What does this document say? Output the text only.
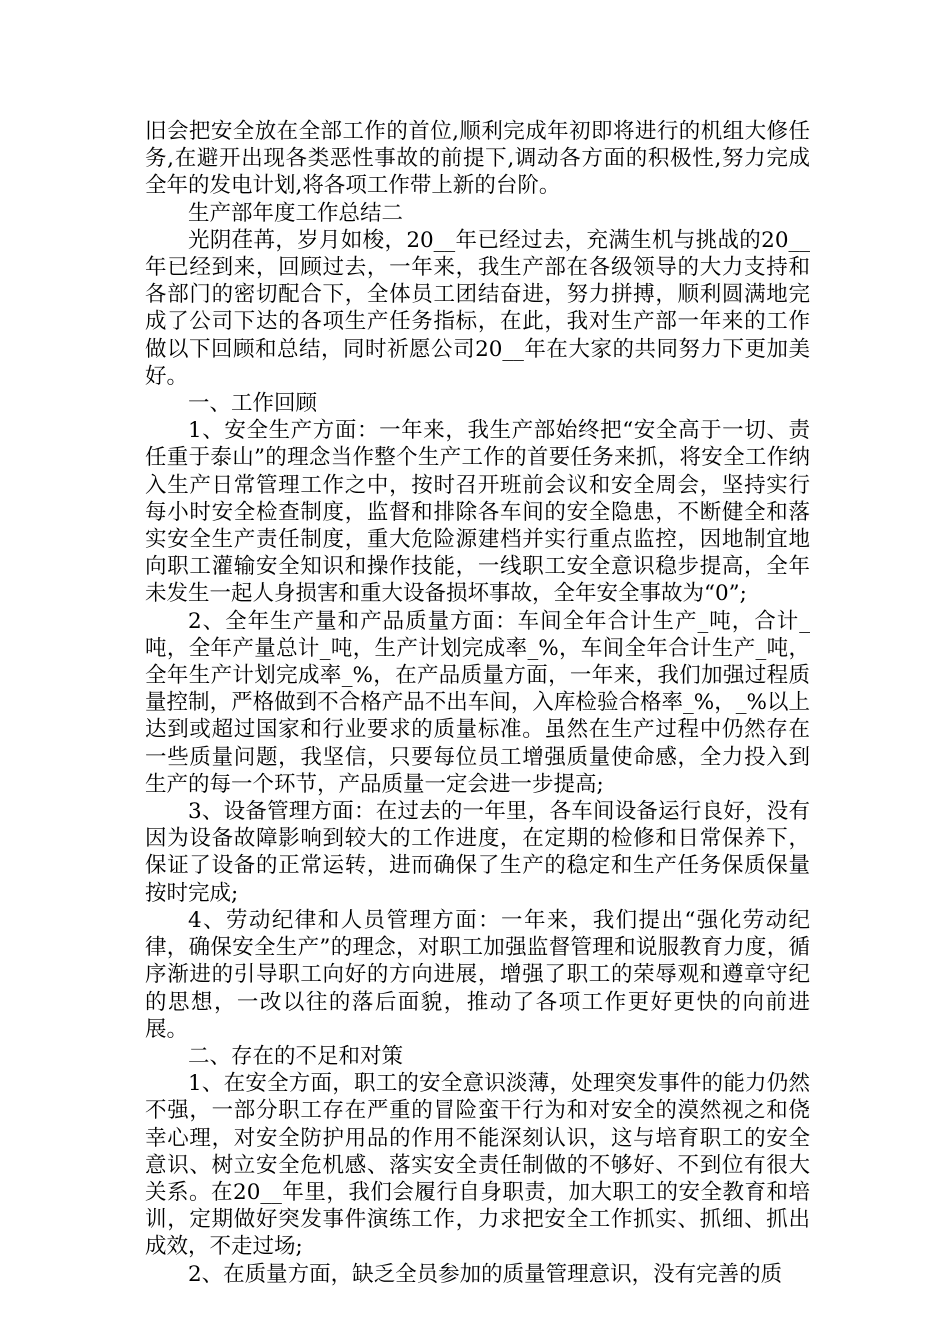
旧会把安全放在全部工作的首位,顺利完成年初即将进行的机组大修任务,在避开出现各类恶性事故的前提下,调动各方面的积极性,努力完成全年的发电计划,将各项工作带上新的台阶。

生产部年度工作总结二

光阴荏苒，岁月如梭，20__年已经过去，充满生机与挑战的20__年已经到来，回顾过去，一年来，我生产部在各级领导的大力支持和各部门的密切配合下，全体员工团结奋进，努力拼搏，顺利圆满地完成了公司下达的各项生产任务指标，在此，我对生产部一年来的工作做以下回顾和总结，同时祈愿公司20__年在大家的共同努力下更加美好。

一、工作回顾

1、安全生产方面：一年来，我生产部始终把“安全高于一切、责任重于泰山”的理念当作整个生产工作的首要任务来抓，将安全工作纳入生产日常管理工作之中，按时召开班前会议和安全周会，坚持实行每小时安全检查制度，监督和排除各车间的安全隐患，不断健全和落实安全生产责任制度，重大危险源建档并实行重点监控，因地制宜地向职工灌输安全知识和操作技能，一线职工安全意识稳步提高，全年未发生一起人身损害和重大设备损坏事故，全年安全事故为“0”;

2、全年生产量和产品质量方面：车间全年合计生产_吨，合计_吨，全年产量总计_吨，生产计划完成率_%，车间全年合计生产_吨，全年生产计划完成率_%，在产品质量方面，一年来，我们加强过程质量控制，严格做到不合格产品不出车间，入库检验合格率_%，_%以上达到或超过国家和行业要求的质量标准。虽然在生产过程中仍然存在一些质量问题，我坚信，只要每位员工增强质量使命感，全力投入到生产的每一个环节，产品质量一定会进一步提高;

3、设备管理方面：在过去的一年里，各车间设备运行良好，没有因为设备故障影响到较大的工作进度，在定期的检修和日常保养下，保证了设备的正常运转，进而确保了生产的稳定和生产任务保质保量按时完成;

4、劳动纪律和人员管理方面：一年来，我们提出“强化劳动纪律，确保安全生产”的理念，对职工加强监督管理和说服教育力度，循序渐进的引导职工向好的方向进展，增强了职工的荣辱观和遵章守纪的思想，一改以往的落后面貌，推动了各项工作更好更快的向前进展。

二、存在的不足和对策

1、在安全方面，职工的安全意识淡薄，处理突发事件的能力仍然不强，一部分职工存在严重的冒险蛮干行为和对安全的漠然视之和侥幸心理，对安全防护用品的作用不能深刻认识，这与培育职工的安全意识、树立安全危机感、落实安全责任制做的不够好、不到位有很大关系。在20__年里，我们会履行自身职责，加大职工的安全教育和培训，定期做好突发事件演练工作，力求把安全工作抓实、抓细、抓出成效，不走过场;

2、在质量方面，缺乏全员参加的质量管理意识，没有完善的质
